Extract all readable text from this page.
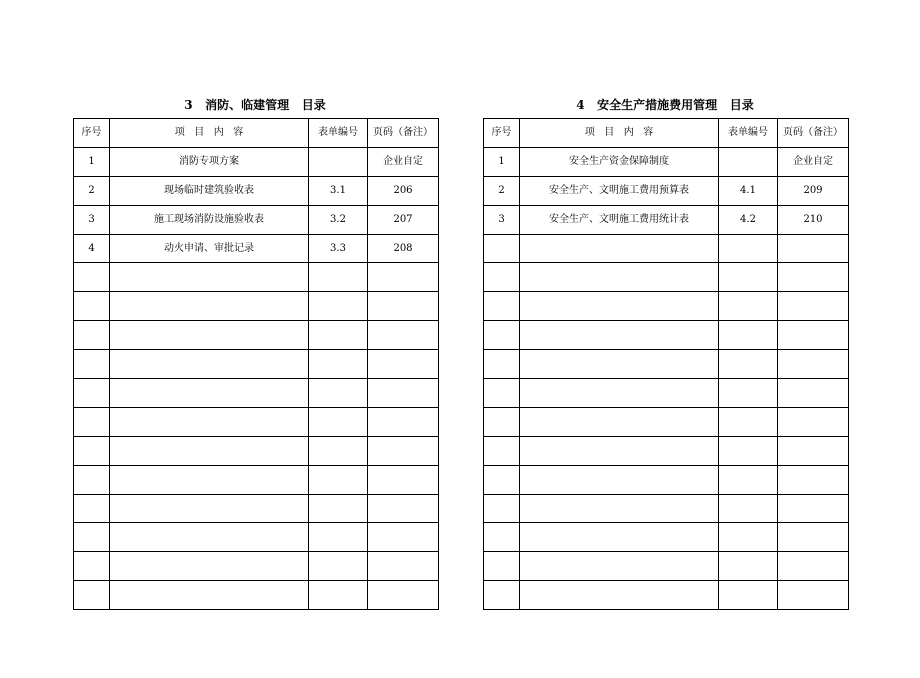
3   消防、临建管理   目录
序号	项   目   内   容	表单编号	页码（备注）
1	消防专项方案		企业自定
2	现场临时建筑验收表	3.1	206
3	施工现场消防设施验收表	3.2	207
4	动火申请、审批记录	3.3	208

4   安全生产措施费用管理   目录
序号	项   目   内   容	表单编号	页码（备注）
1	安全生产资金保障制度		企业自定
2	安全生产、文明施工费用预算表	4.1	209
3	安全生产、文明施工费用统计表	4.2	210
